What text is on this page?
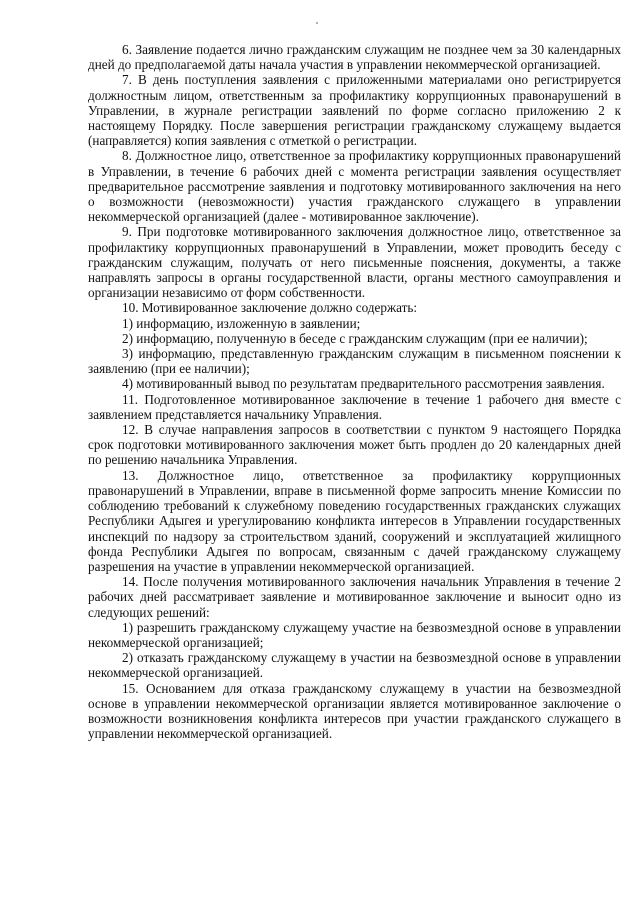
6. Заявление подается лично гражданским служащим не позднее чем за 30 календарных дней до предполагаемой даты начала участия в управлении некоммерческой организацией.

7. В день поступления заявления с приложенными материалами оно регистрируется должностным лицом, ответственным за профилактику коррупционных правонарушений в Управлении, в журнале регистрации заявлений по форме согласно приложению 2 к настоящему Порядку. После завершения регистрации гражданскому служащему выдается (направляется) копия заявления с отметкой о регистрации.

8. Должностное лицо, ответственное за профилактику коррупционных правонарушений в Управлении, в течение 6 рабочих дней с момента регистрации заявления осуществляет предварительное рассмотрение заявления и подготовку мотивированного заключения на него о возможности (невозможности) участия гражданского служащего в управлении некоммерческой организацией (далее - мотивированное заключение).

9. При подготовке мотивированного заключения должностное лицо, ответственное за профилактику коррупционных правонарушений в Управлении, может проводить беседу с гражданским служащим, получать от него письменные пояснения, документы, а также направлять запросы в органы государственной власти, органы местного самоуправления и организации независимо от форм собственности.

10. Мотивированное заключение должно содержать:

1) информацию, изложенную в заявлении;

2) информацию, полученную в беседе с гражданским служащим (при ее наличии);

3) информацию, представленную гражданским служащим в письменном пояснении к заявлению (при ее наличии);

4) мотивированный вывод по результатам предварительного рассмотрения заявления.

11. Подготовленное мотивированное заключение в течение 1 рабочего дня вместе с заявлением представляется начальнику Управления.

12. В случае направления запросов в соответствии с пунктом 9 настоящего Порядка срок подготовки мотивированного заключения может быть продлен до 20 календарных дней по решению начальника Управления.

13. Должностное лицо, ответственное за профилактику коррупционных правонарушений в Управлении, вправе в письменной форме запросить мнение Комиссии по соблюдению требований к служебному поведению государственных гражданских служащих Республики Адыгея и урегулированию конфликта интересов в Управлении государственных инспекций по надзору за строительством зданий, сооружений и эксплуатацией жилищного фонда Республики Адыгея по вопросам, связанным с дачей гражданскому служащему разрешения на участие в управлении некоммерческой организацией.

14. После получения мотивированного заключения начальник Управления в течение 2 рабочих дней рассматривает заявление и мотивированное заключение и выносит одно из следующих решений:

1) разрешить гражданскому служащему участие на безвозмездной основе в управлении некоммерческой организацией;

2) отказать гражданскому служащему в участии на безвозмездной основе в управлении некоммерческой организацией.

15. Основанием для отказа гражданскому служащему в участии на безвозмездной основе в управлении некоммерческой организации является мотивированное заключение о возможности возникновения конфликта интересов при участии гражданского служащего в управлении некоммерческой организацией.
